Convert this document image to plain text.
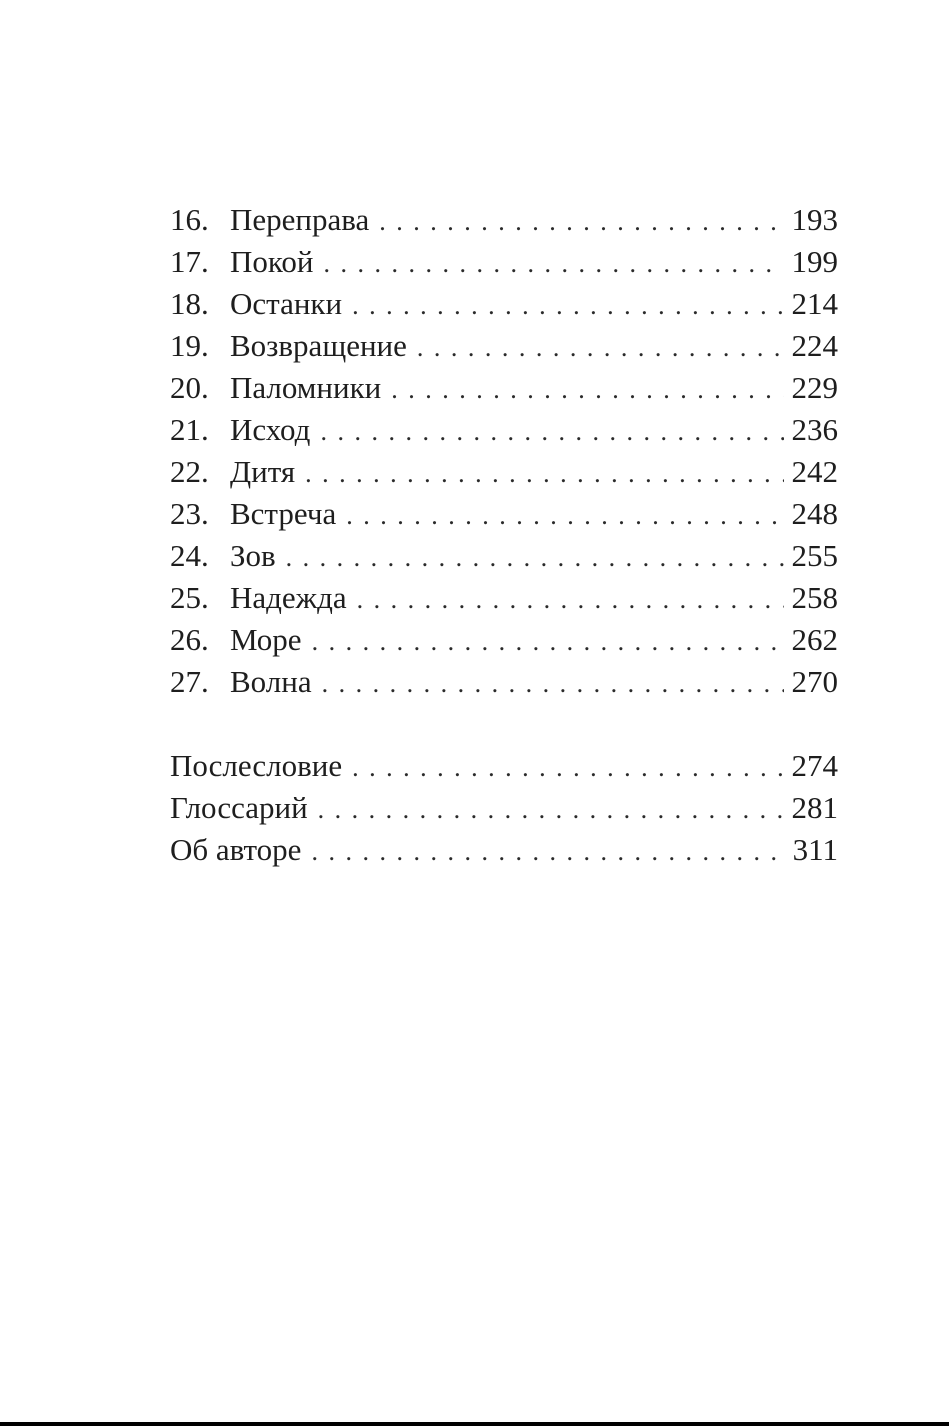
16. Переправа . . .	193
17. Покой . . .	199
18. Останки . . .	214
19. Возвращение . . .	224
20. Паломники . . .	229
21. Исход . . .	236
22. Дитя . . .	242
23. Встреча . . .	248
24. Зов . . .	255
25. Надежда . . .	258
26. Море . . .	262
27. Волна . . .	270
Послесловие . . .	274
Глоссарий . . .	281
Об авторе . . .	311
